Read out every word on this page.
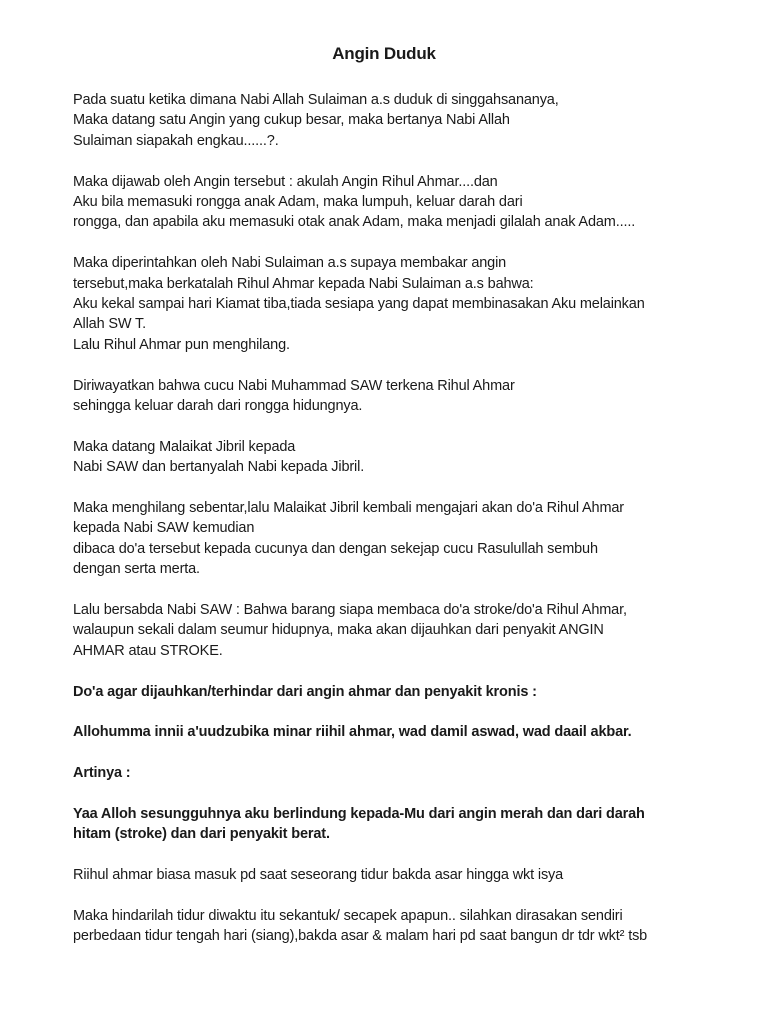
Angin Duduk
Pada suatu ketika dimana Nabi Allah Sulaiman a.s duduk di singgahsananya,
Maka datang satu Angin yang cukup besar, maka bertanya Nabi Allah
Sulaiman siapakah engkau......?.
Maka dijawab oleh Angin tersebut : akulah Angin Rihul Ahmar....dan
Aku bila memasuki rongga anak Adam, maka lumpuh, keluar darah dari
rongga, dan apabila aku memasuki otak anak Adam, maka menjadi gilalah anak Adam.....
Maka diperintahkan oleh Nabi Sulaiman a.s supaya membakar angin
tersebut,maka berkatalah Rihul Ahmar kepada Nabi Sulaiman a.s bahwa:
Aku kekal sampai hari Kiamat tiba,tiada sesiapa yang dapat membinasakan Aku melainkan
Allah SW T.
Lalu Rihul Ahmar pun menghilang.
Diriwayatkan bahwa cucu Nabi Muhammad SAW terkena Rihul Ahmar
sehingga keluar darah dari rongga hidungnya.
Maka datang Malaikat Jibril kepada
Nabi SAW dan bertanyalah Nabi kepada Jibril.
Maka menghilang sebentar,lalu Malaikat Jibril kembali mengajari akan do'a Rihul Ahmar
kepada Nabi SAW kemudian
dibaca do'a tersebut kepada cucunya dan dengan sekejap cucu Rasulullah sembuh
dengan serta merta.
Lalu bersabda Nabi SAW : Bahwa barang siapa membaca do'a stroke/do'a Rihul Ahmar,
walaupun sekali dalam seumur hidupnya, maka akan dijauhkan dari penyakit ANGIN
AHMAR atau STROKE.
Do'a agar dijauhkan/terhindar dari angin ahmar dan penyakit kronis :
Allohumma innii a'uudzubika minar riihil ahmar, wad damil aswad, wad daail akbar.
Artinya :
Yaa Alloh sesungguhnya aku berlindung kepada-Mu dari angin merah dan dari darah
hitam (stroke) dan dari penyakit berat.
Riihul ahmar biasa masuk pd saat seseorang tidur bakda asar hingga wkt isya
Maka hindarilah tidur diwaktu itu sekantuk/ secapek apapun.. silahkan dirasakan sendiri
perbedaan tidur tengah hari (siang),bakda asar & malam hari pd saat bangun dr tdr wkt² tsb
